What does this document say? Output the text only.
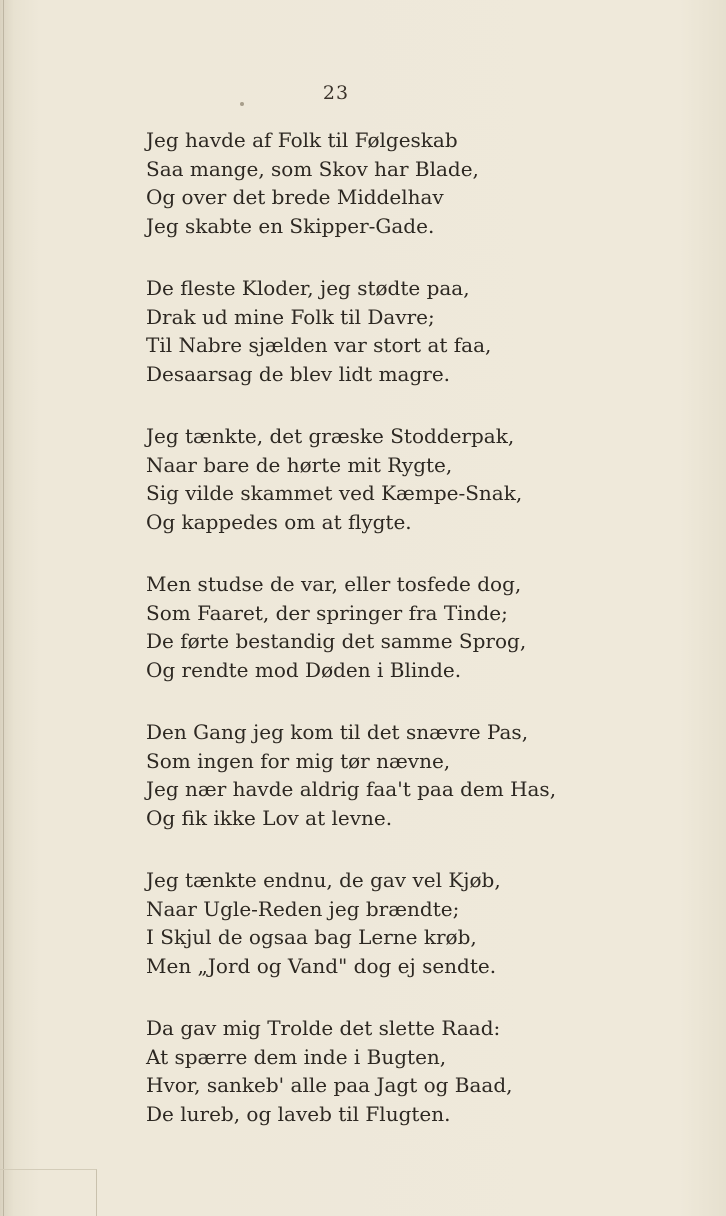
23
Jeg havde af Folk til Følgeskab
Saa mange, som Skov har Blade,
Og over det brede Middelhav
Jeg skabte en Skipper-Gade.
De fleste Kloder, jeg stødte paa,
Drak ud mine Folk til Davre;
Til Nabre sjælden var stort at faa,
Desaarsag de blev lidt magre.
Jeg tænkte, det græske Stodderpak,
Naar bare de hørte mit Rygte,
Sig vilde skammet ved Kæmpe-Snak,
Og kappedes om at flygte.
Men studse de var, eller tosfede dog,
Som Faaret, der springer fra Tinde;
De førte bestandig det samme Sprog,
Og rendte mod Døden i Blinde.
Den Gang jeg kom til det snævre Pas,
Som ingen for mig tør nævne,
Jeg nær havde aldrig faa't paa dem Has,
Og fik ikke Lov at levne.
Jeg tænkte endnu, de gav vel Kjøb,
Naar Ugle-Reden jeg brændte;
I Skjul de ogsaa bag Lerne krøb,
Men „Jord og Vand" dog ej sendte.
Da gav mig Trolde det slette Raad:
At spærre dem inde i Bugten,
Hvor, sankeb' alle paa Jagt og Baad,
De lureb, og laveb til Flugten.
